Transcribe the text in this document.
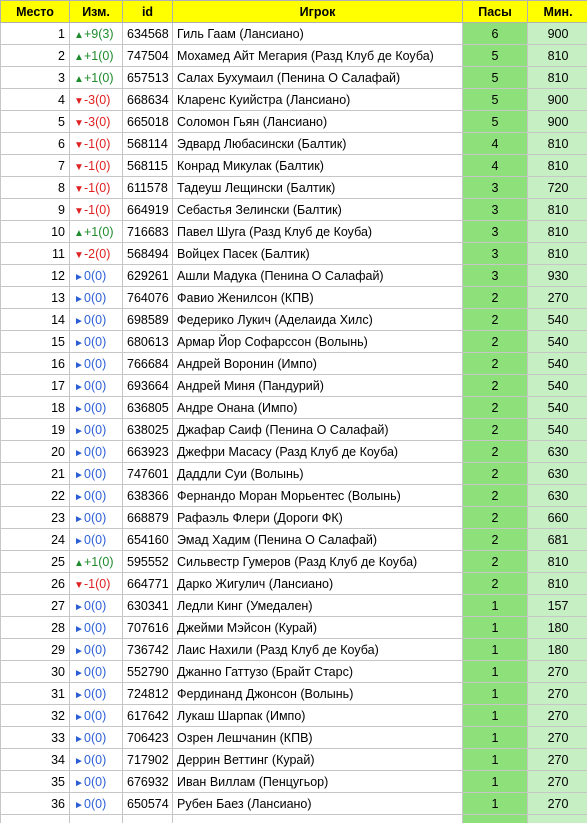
Место	Изм.	id	Игрок	Пасы	Мин.
1	▲+9(3)	634568	Гиль Гаам (Лансиано)	6	900
2	▲+1(0)	747504	Мохамед Айт Мегария (Разд Клуб де Коуба)	5	810
3	▲+1(0)	657513	Салах Бухумаил (Пенина О Салафай)	5	810
4	▼-3(0)	668634	Кларенс Куийстра (Лансиано)	5	900
5	▼-3(0)	665018	Соломон Гьян (Лансиано)	5	900
6	▼-1(0)	568114	Эдвард Любасински (Балтик)	4	810
7	▼-1(0)	568115	Конрад Микулак (Балтик)	4	810
8	▼-1(0)	611578	Тадеуш Лещински (Балтик)	3	720
9	▼-1(0)	664919	Себастья Зелински (Балтик)	3	810
10	▲+1(0)	716683	Павел Шуга (Разд Клуб де Коуба)	3	810
11	▼-2(0)	568494	Войцех Пасек (Балтик)	3	810
12	►0(0)	629261	Ашли Мадука (Пенина О Салафай)	3	930
13	►0(0)	764076	Фавио Женилсон (КПВ)	2	270
14	►0(0)	698589	Федерико Лукич (Аделаида Хилс)	2	540
15	►0(0)	680613	Армар Йор Софарссон (Волынь)	2	540
16	►0(0)	766684	Андрей Воронин (Импо)	2	540
17	►0(0)	693664	Андрей Миня (Пандурий)	2	540
18	►0(0)	636805	Андре Онана (Импо)	2	540
19	►0(0)	638025	Джафар Саиф (Пенина О Салафай)	2	540
20	►0(0)	663923	Джефри Масасу (Разд Клуб де Коуба)	2	630
21	►0(0)	747601	Даддли Суи (Волынь)	2	630
22	►0(0)	638366	Фернандо Моран Морьентес (Волынь)	2	630
23	►0(0)	668879	Рафаэль Флери (Дороги ФК)	2	660
24	►0(0)	654160	Эмад Хадим (Пенина О Салафай)	2	681
25	▲+1(0)	595552	Сильвестр Гумеров (Разд Клуб де Коуба)	2	810
26	▼-1(0)	664771	Дарко Жигулич (Лансиано)	2	810
27	►0(0)	630341	Ледли Кинг (Умедален)	1	157
28	►0(0)	707616	Джейми Мэйсон (Курай)	1	180
29	►0(0)	736742	Лаис Нахили (Разд Клуб де Коуба)	1	180
30	►0(0)	552790	Джанно Гаттузо (Брайт Старс)	1	270
31	►0(0)	724812	Фердинанд Джонсон (Волынь)	1	270
32	►0(0)	617642	Лукаш Шарпак (Импо)	1	270
33	►0(0)	706423	Озрен Лешчанин (КПВ)	1	270
34	►0(0)	717902	Деррин Веттинг (Курай)	1	270
35	►0(0)	676932	Иван Виллам (Пенцугьор)	1	270
36	►0(0)	650574	Рубен Баез (Лансиано)	1	270
